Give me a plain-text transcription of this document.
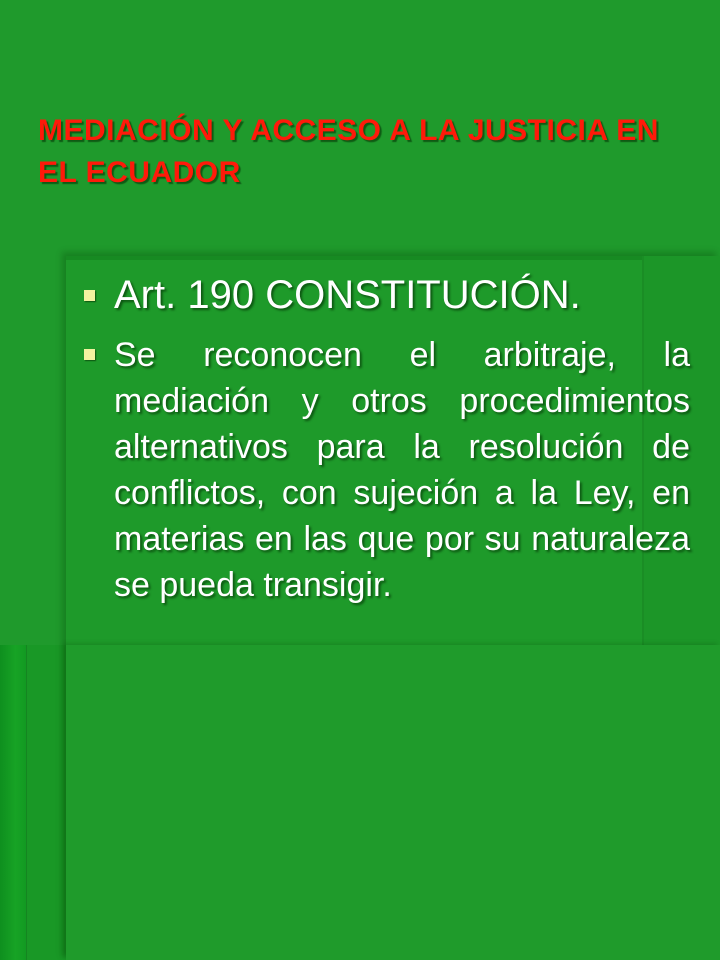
MEDIACIÓN Y ACCESO A LA JUSTICIA EN EL ECUADOR
Art. 190 CONSTITUCIÓN.
Se reconocen el arbitraje, la mediación y otros procedimientos alternativos para la resolución de conflictos, con sujeción a la Ley, en materias en las que por su naturaleza se pueda transigir.
